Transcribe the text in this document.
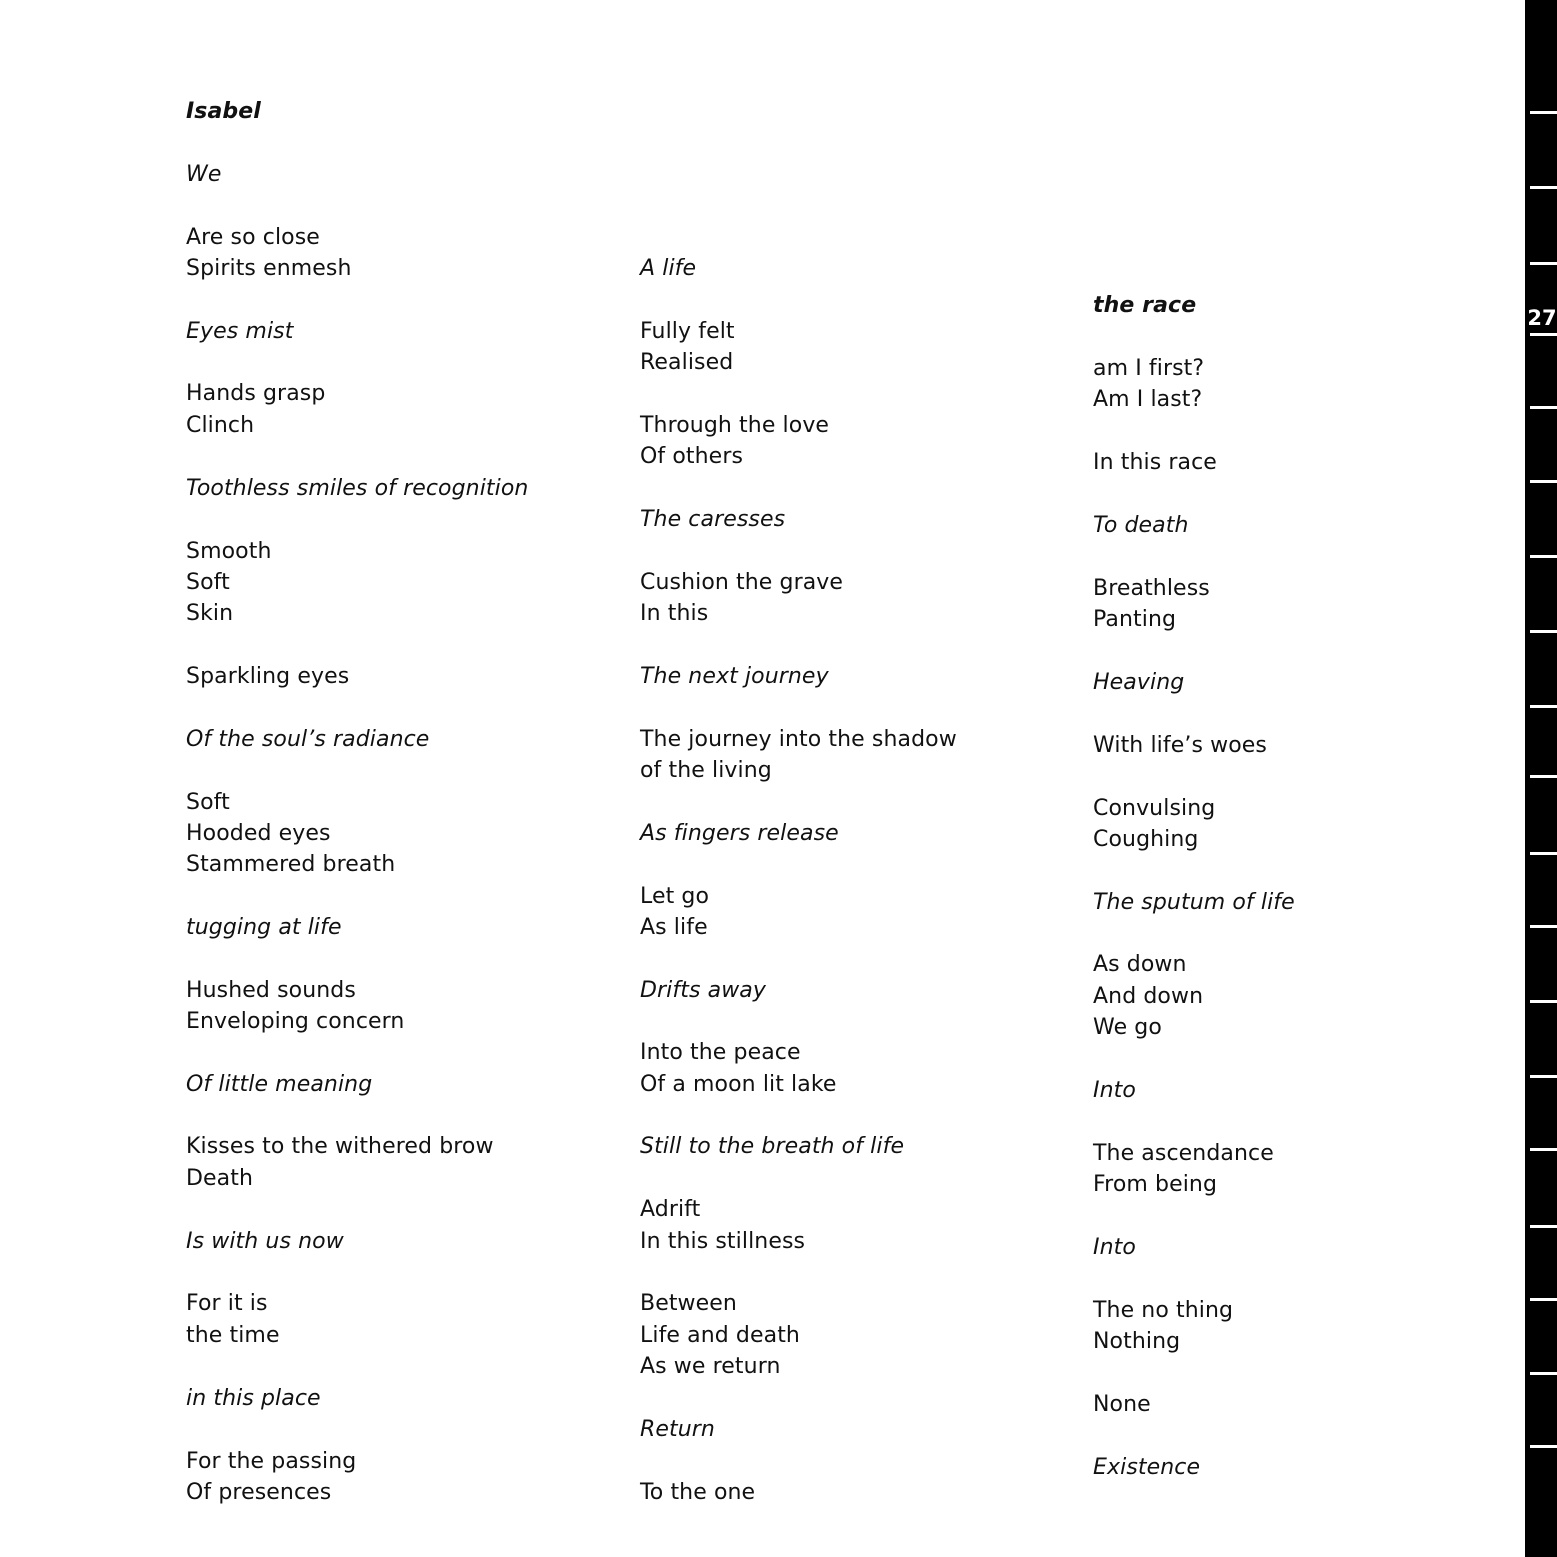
Isabel
We
Are so close
Spirits enmesh
Eyes mist
Hands grasp
Clinch
Toothless smiles of recognition
Smooth
Soft
Skin
Sparkling eyes
Of the soul’s radiance
Soft
Hooded eyes
Stammered breath
tugging at life
Hushed sounds
Enveloping concern
Of little meaning
Kisses to the withered brow
Death
Is with us now
For it is
the time
in this place
For the passing
Of presences
A life
Fully felt
Realised
Through the love
Of others
The caresses
Cushion the grave
In this
The next journey
The journey into the shadow
of the living
As fingers release
Let go
As life
Drifts away
Into the peace
Of a moon lit lake
Still to the breath of life
Adrift
In this stillness
Between
Life and death
As we return
Return
To the one
the race
am I first?
Am I last?
In this race
To death
Breathless
Panting
Heaving
With life’s woes
Convulsing
Coughing
The sputum of life
As down
And down
We go
Into
The ascendance
From being
Into
The no thing
Nothing
None
Existence
27
